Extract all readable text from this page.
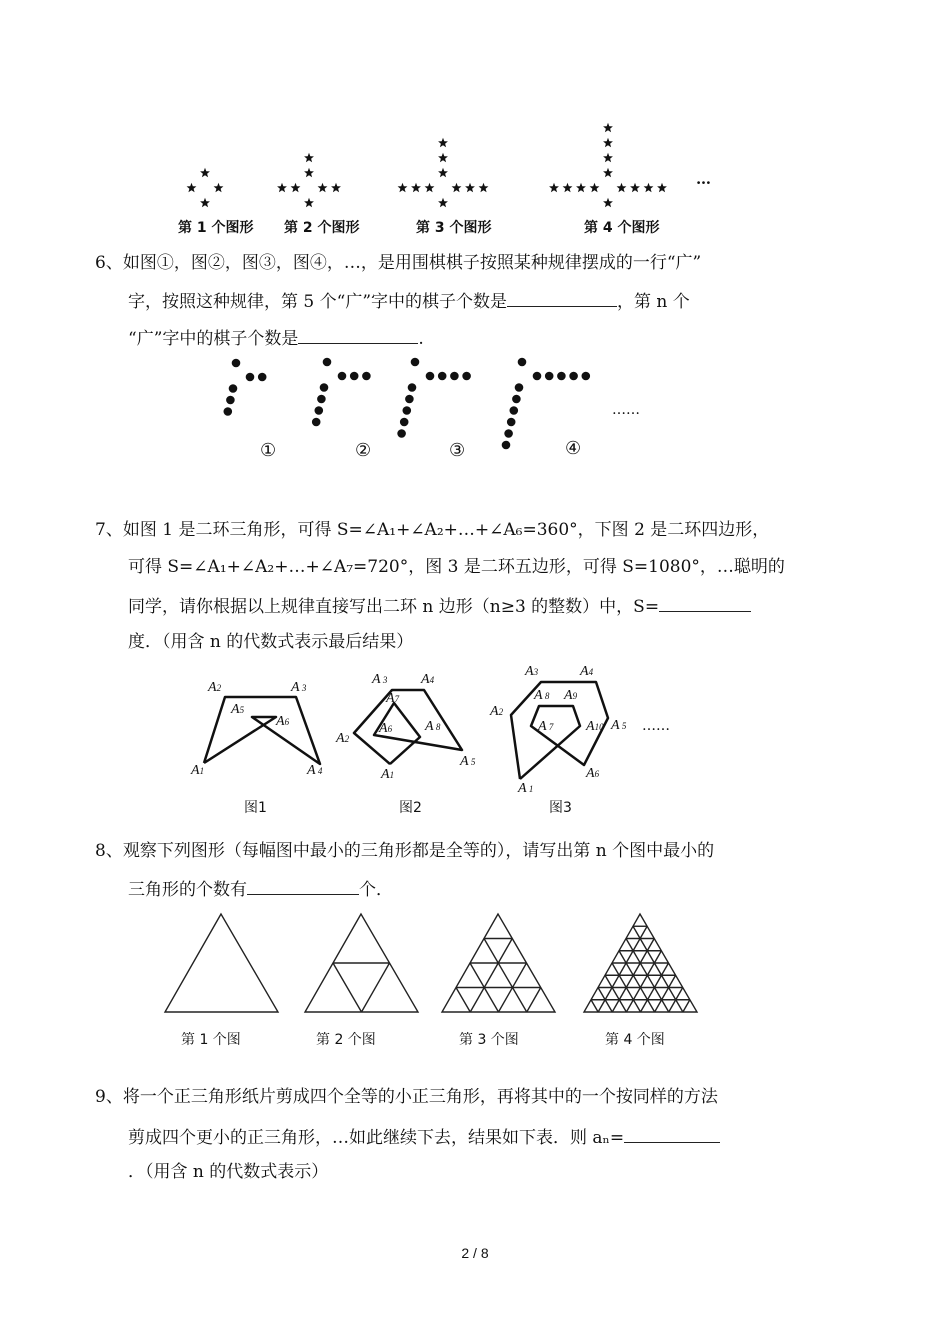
第 1 个图形 第 2 个图形	第 3 个图形	第 4 个图形
…
6、如图①，图②，图③，图④，…，是用围棋棋子按照某种规律摆成的一行“广”
字，按照这种规律，第 5 个“广”字中的棋子个数是	，第 n 个
“广”字中的棋子个数是	.
①	②	③	④
……
7、如图 1 是二环三角形，可得 S=∠A₁+∠A₂+…+∠A₆=360°，下图 2 是二环四边形，
可得 S=∠A₁+∠A₂+…+∠A₇=720°，图 3 是二环五边形，可得 S=1080°，…聪明的
同学，请你根据以上规律直接写出二环 n 边形（n≥3 的整数）中，S=
度．（用含 n 的代数式表示最后结果）
A2	A 3
A5
A6
A1	A 4
A 3 A4
A7
A6 A 8
A2
A 5
A1
A3	A4
A 8 A9
A2
A 7 A10 A 5
A6
A 1
……
图1	图2	图3
8、观察下列图形（每幅图中最小的三角形都是全等的），请写出第 n 个图中最小的
三角形的个数有	个．
第 1 个图	第 2 个图	第 3 个图	第 4 个图
9、将一个正三角形纸片剪成四个全等的小正三角形，再将其中的一个按同样的方法
剪成四个更小的正三角形，…如此继续下去，结果如下表．则 aₙ=
．（用含 n 的代数式表示）
2 / 8
